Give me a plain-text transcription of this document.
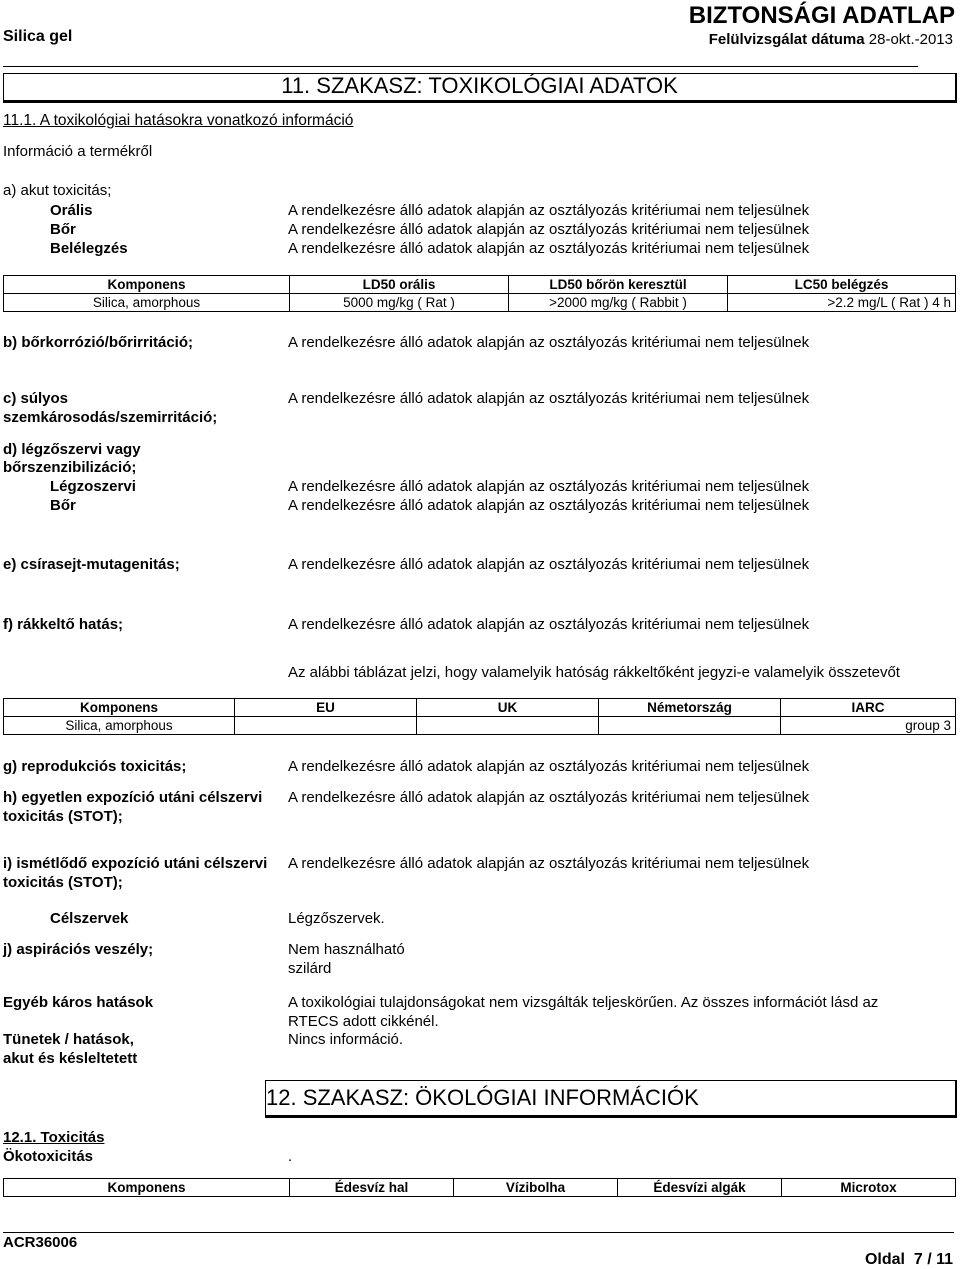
Silica gel
BIZTONSÁGI ADATLAP
Felülvizsgálat dátuma 28-okt.-2013
11. SZAKASZ: TOXIKOLÓGIAI ADATOK
11.1. A toxikológiai hatásokra vonatkozó információ
Információ a termékről
a) akut toxicitás;
Orális	A rendelkezésre álló adatok alapján az osztályozás kritériumai nem teljesülnek
Bőr	A rendelkezésre álló adatok alapján az osztályozás kritériumai nem teljesülnek
Belélegzés	A rendelkezésre álló adatok alapján az osztályozás kritériumai nem teljesülnek
Komponens	LD50 orális	LD50 bőrön keresztül	LC50 belégzés
Silica, amorphous	5000 mg/kg ( Rat )	>2000 mg/kg ( Rabbit )	>2.2 mg/L ( Rat ) 4 h
b) bőrkorrózió/bőrirritáció;	A rendelkezésre álló adatok alapján az osztályozás kritériumai nem teljesülnek
c) súlyos
szemkárosodás/szemirritáció;
A rendelkezésre álló adatok alapján az osztályozás kritériumai nem teljesülnek
d) légzőszervi vagy
bőrszenzibilizáció;
Légzoszervi	A rendelkezésre álló adatok alapján az osztályozás kritériumai nem teljesülnek
Bőr	A rendelkezésre álló adatok alapján az osztályozás kritériumai nem teljesülnek
e) csírasejt-mutagenitás;	A rendelkezésre álló adatok alapján az osztályozás kritériumai nem teljesülnek
f) rákkeltő hatás;	A rendelkezésre álló adatok alapján az osztályozás kritériumai nem teljesülnek
Az alábbi táblázat jelzi, hogy valamelyik hatóság rákkeltőként jegyzi-e valamelyik összetevőt
Komponens	EU	UK	Németország	IARC
Silica, amorphous				group 3
g) reprodukciós toxicitás;	A rendelkezésre álló adatok alapján az osztályozás kritériumai nem teljesülnek
h) egyetlen expozíció utáni célszervi
toxicitás (STOT);
A rendelkezésre álló adatok alapján az osztályozás kritériumai nem teljesülnek
i) ismétlődő expozíció utáni célszervi
toxicitás (STOT);
A rendelkezésre álló adatok alapján az osztályozás kritériumai nem teljesülnek
Célszervek	Légzőszervek.
j) aspirációs veszély;	Nem használható
szilárd
Egyéb káros hatások	A toxikológiai tulajdonságokat nem vizsgálták teljeskörűen. Az összes információt lásd az
RTECS adott cikkénél.
Tünetek / hatások,
akut és késleltetett
Nincs információ.
12. SZAKASZ: ÖKOLÓGIAI INFORMÁCIÓK
12.1. Toxicitás
Ökotoxicitás	.
Komponens	Édesvíz hal	Vízibolha	Édesvízi algák	Microtox
ACR36006
Oldal 7 / 11
